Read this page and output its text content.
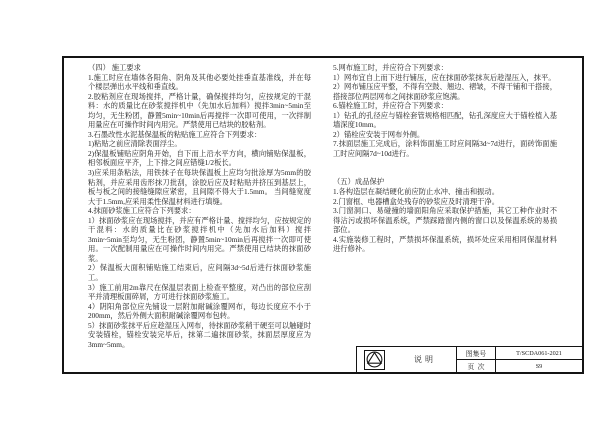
（四） 施工要求

1.施工时应在墙体各阳角、阴角及其他必要处挂垂直基准线，并在每个楼层弹出水平线和垂直线。

2.胶粘剂应在现场搅拌，严格计量，确保搅拌均匀，应按规定的干混料：水的质量比在砂浆搅拌机中（先加水后加料）搅拌3min~5min至均匀，无生粉团，静置5min~10min后再搅拌一次即可使用，一次拌制用量应在可操作时间内用完。严禁使用已结块的胶粘剂。

3.石墨改性水泥基保温板的粘贴施工应符合下列要求：

1)粘贴之前应清除表面浮尘。

2)保温板铺贴应阴角开始，自下而上沿水平方向，横向铺贴保温板，相邻板面应平齐，上下排之间应错缝1/2板长。

3)应采用条粘法，用铁抹子在每块保温板上应均匀批涂厚为5mm的胶粘剂，并应采用齿形抹刀批刮，涂胶后应及时粘贴并挤压到基层上，板与板之间的接缝缝隙应紧密，且间隙不得大于1.5mm。 当间缝宽度大于1.5mm,应采用柔性保温材料进行填缝。

4.抹面砂浆施工应符合下列要求：

1）抹面砂浆应在现场搅拌，并应有严格计量、搅拌均匀，应按规定的干混料：水的质量比在砂浆搅拌机中（先加水后加料）搅拌3min~5min至均匀，无生粉团，静置5min~10min后再搅拌一次即可使用。一次配制用量应在可操作时间内用完。严禁使用已结块的抹面砂浆。

2）保温板大面积铺贴施工结束后，应间隔3d~5d后进行抹面砂浆施工。

3）施工前用2m靠尺在保温层表面上检查平整度，对凸出的部位应刮平并清理板面碎屑，方可进行抹面砂浆施工。

4）阴阳角部位应先铺设一层附加耐碱涂覆网布，每边长度应不小于200mm，然后外侧大面积耐碱涂覆网布包转。

5）抹面砂浆抹平后应趁湿压入网布，待抹面砂浆稍干硬至可以触碰时安装锚栓，锚栓安装完毕后，抹第二遍抹面砂浆，抹面层厚度应为3mm~5mm。

5.网布施工时，并应符合下列要求：

1）网布宜自上而下进行铺压，应在抹面砂浆抹灰后趁湿压入，抹平。

2）网布铺压应平整，不得有空鼓、翘边、褶皱，不得干铺和干搭接，搭接部位两层网布之间抹面砂浆应饱满。

6.锚栓施工时，并应符合下列要求：

1）钻孔的孔径应与锚栓套管规格相匹配，钻孔深度应大于锚栓植入基墙深度10mm。

2）锚栓应安装于网布外侧。

7.抹面层施工完成后，涂料饰面施工时应间隔3d~7d进行，面砖饰面施工时应间隔7d~10d进行。

（五）成品保护

1.各构造层在凝结硬化前应防止水冲、撞击和振动。

2.门窗框、电器槽盒处残存的砂浆应及时清理干净。

3.门窗洞口、易碰撞的墙面阳角应采取保护措施，其它工种作业时不得沾污或损坏保温系统，严禁踩踏窗内侧的窗口以及保温系统的易损部位。

4.实施装修工程时，严禁损坏保温系统，损坏处应采用相同保温材料进行修补。

说明
图集号	T/SCDA061-2021
页  次	S9
